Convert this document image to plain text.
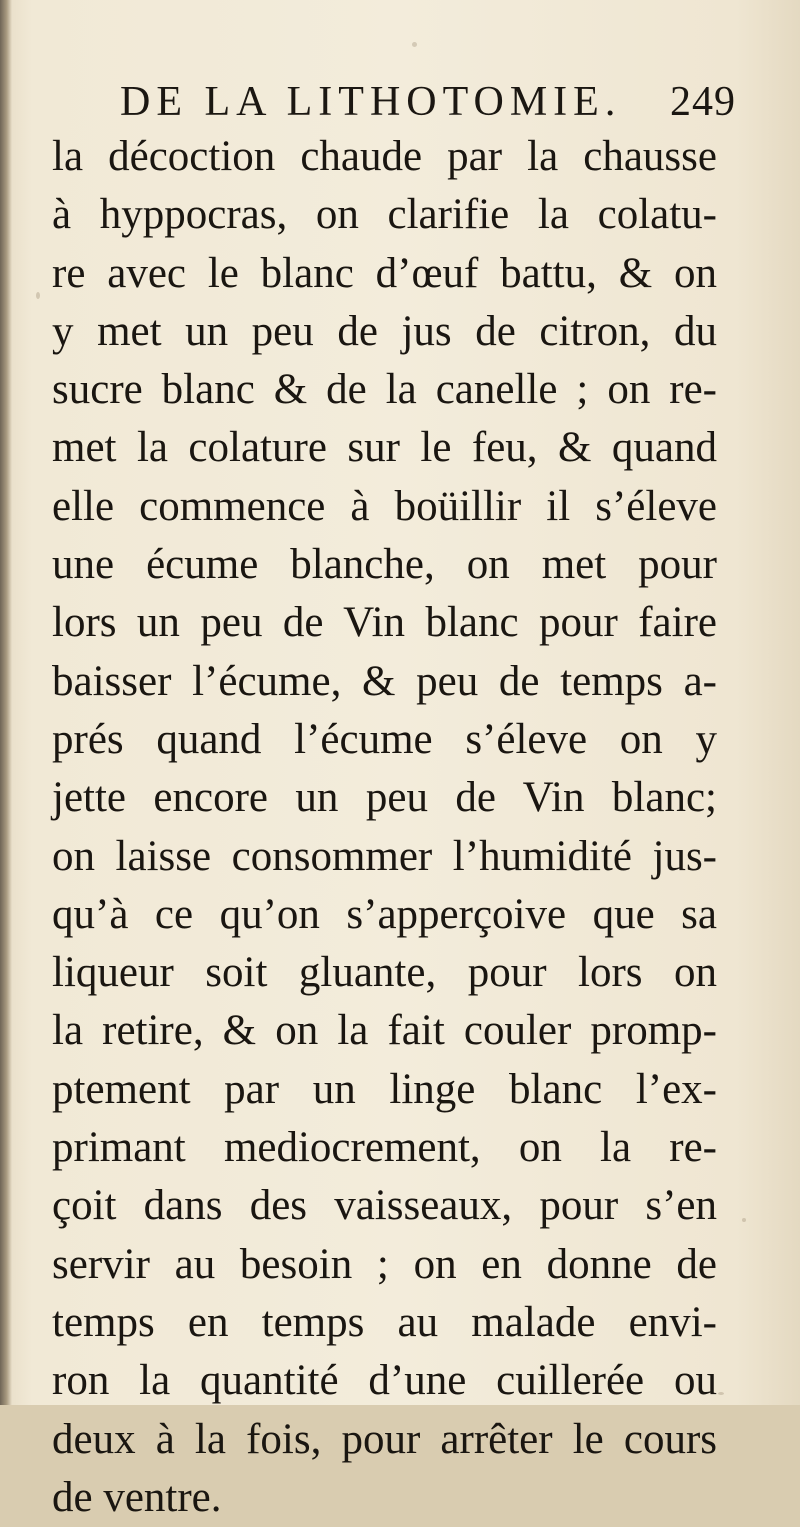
DE LA LITHOTOMIE. 249
la décoction chaude par la chausse
à hyppocras, on clarifie la colatu-
re avec le blanc d’œuf battu, & on
y met un peu de jus de citron, du
sucre blanc & de la canelle ; on re-
met la colature sur le feu, & quand
elle commence à boüillir il s’éleve
une écume blanche, on met pour
lors un peu de Vin blanc pour faire
baisser l’écume, & peu de temps a-
prés quand l’écume s’éleve on y
jette encore un peu de Vin blanc;
on laisse consommer l’humidité jus-
qu’à ce qu’on s’apperçoive que sa
liqueur soit gluante, pour lors on
la retire, & on la fait couler promp-
ptement par un linge blanc l’ex-
primant mediocrement, on la re-
çoit dans des vaisseaux, pour s’en
servir au besoin ; on en donne de
temps en temps au malade envi-
ron la quantité d’une cuillerée ou
deux à la fois, pour arrêter le cours
de ventre.
